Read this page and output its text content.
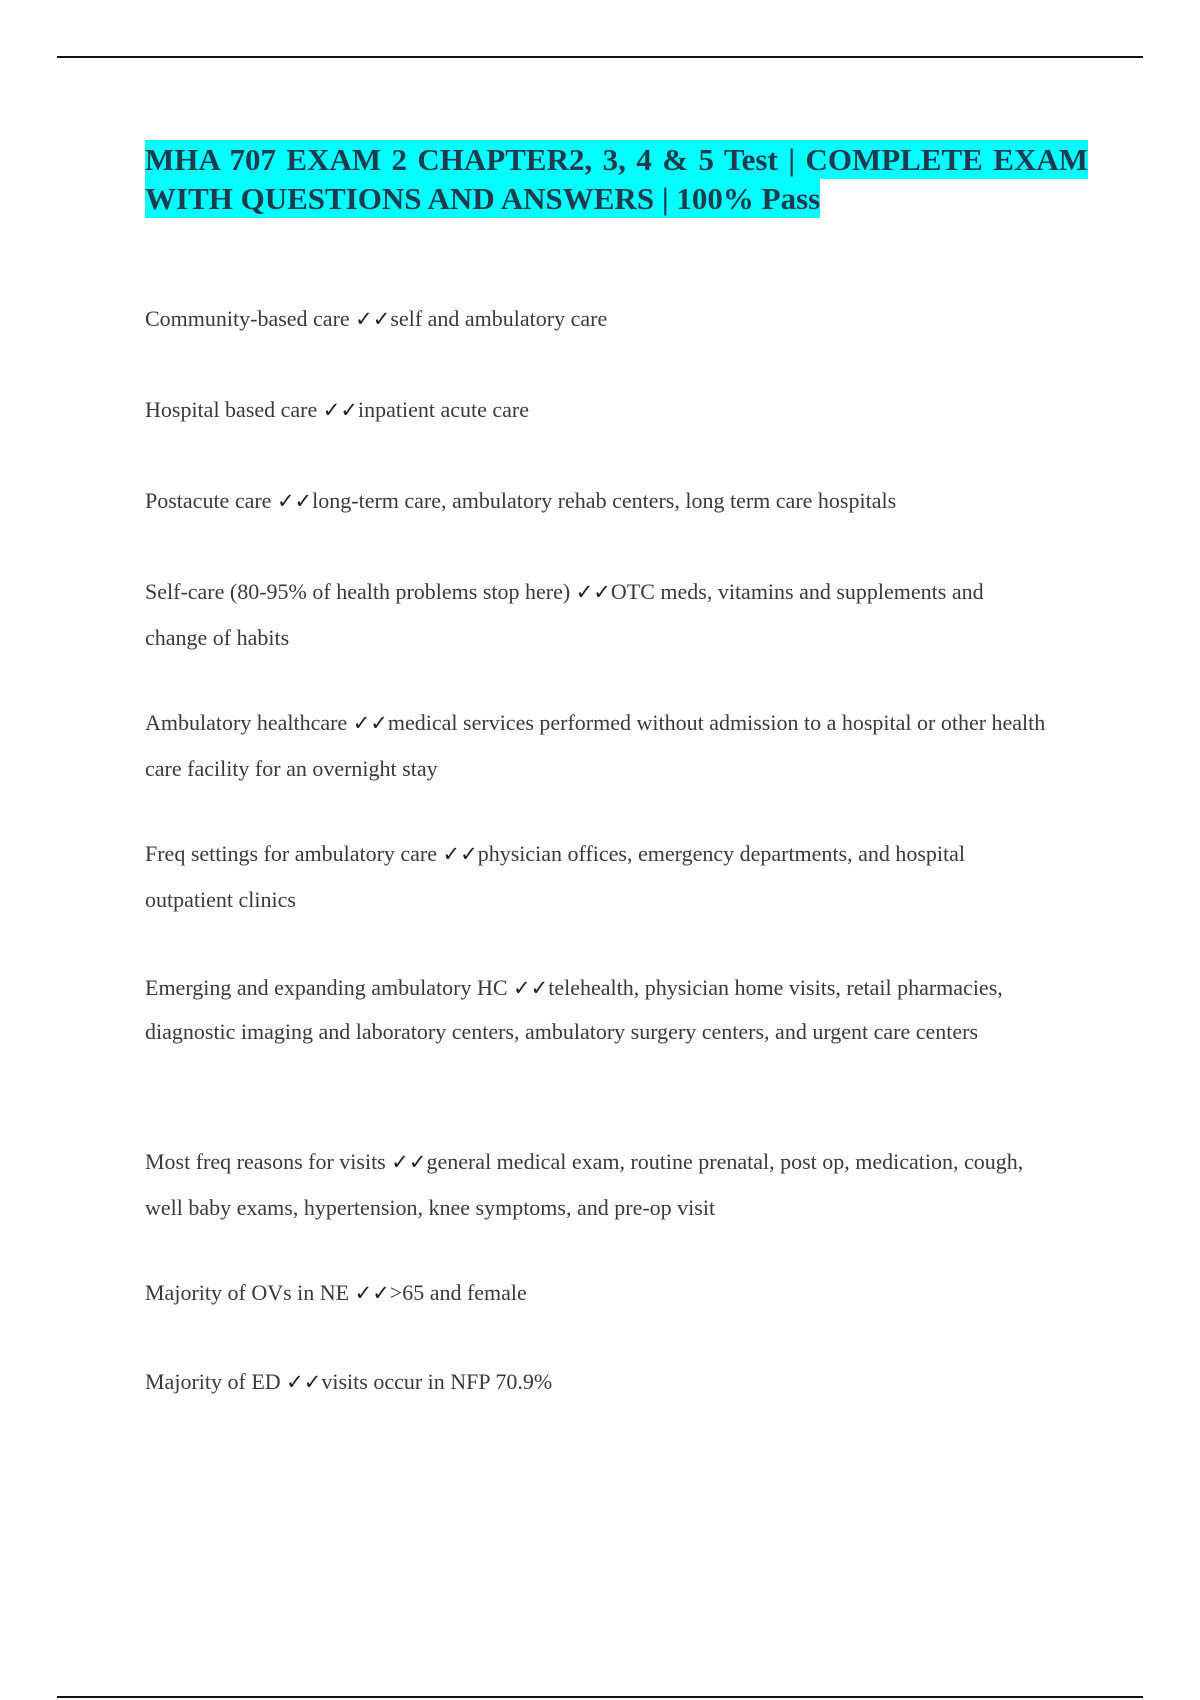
MHA 707 EXAM 2 CHAPTER2, 3, 4 & 5 Test | COMPLETE EXAM WITH QUESTIONS AND ANSWERS | 100% Pass

Community-based care ✓✓self and ambulatory care

Hospital based care ✓✓inpatient acute care

Postacute care ✓✓long-term care, ambulatory rehab centers, long term care hospitals

Self-care (80-95% of health problems stop here) ✓✓OTC meds, vitamins and supplements and change of habits

Ambulatory healthcare ✓✓medical services performed without admission to a hospital or other health care facility for an overnight stay

Freq settings for ambulatory care ✓✓physician offices, emergency departments, and hospital outpatient clinics

Emerging and expanding ambulatory HC ✓✓telehealth, physician home visits, retail pharmacies, diagnostic imaging and laboratory centers, ambulatory surgery centers, and urgent care centers

Most freq reasons for visits ✓✓general medical exam, routine prenatal, post op, medication, cough, well baby exams, hypertension, knee symptoms, and pre-op visit

Majority of OVs in NE ✓✓>65 and female

Majority of ED ✓✓visits occur in NFP 70.9%
